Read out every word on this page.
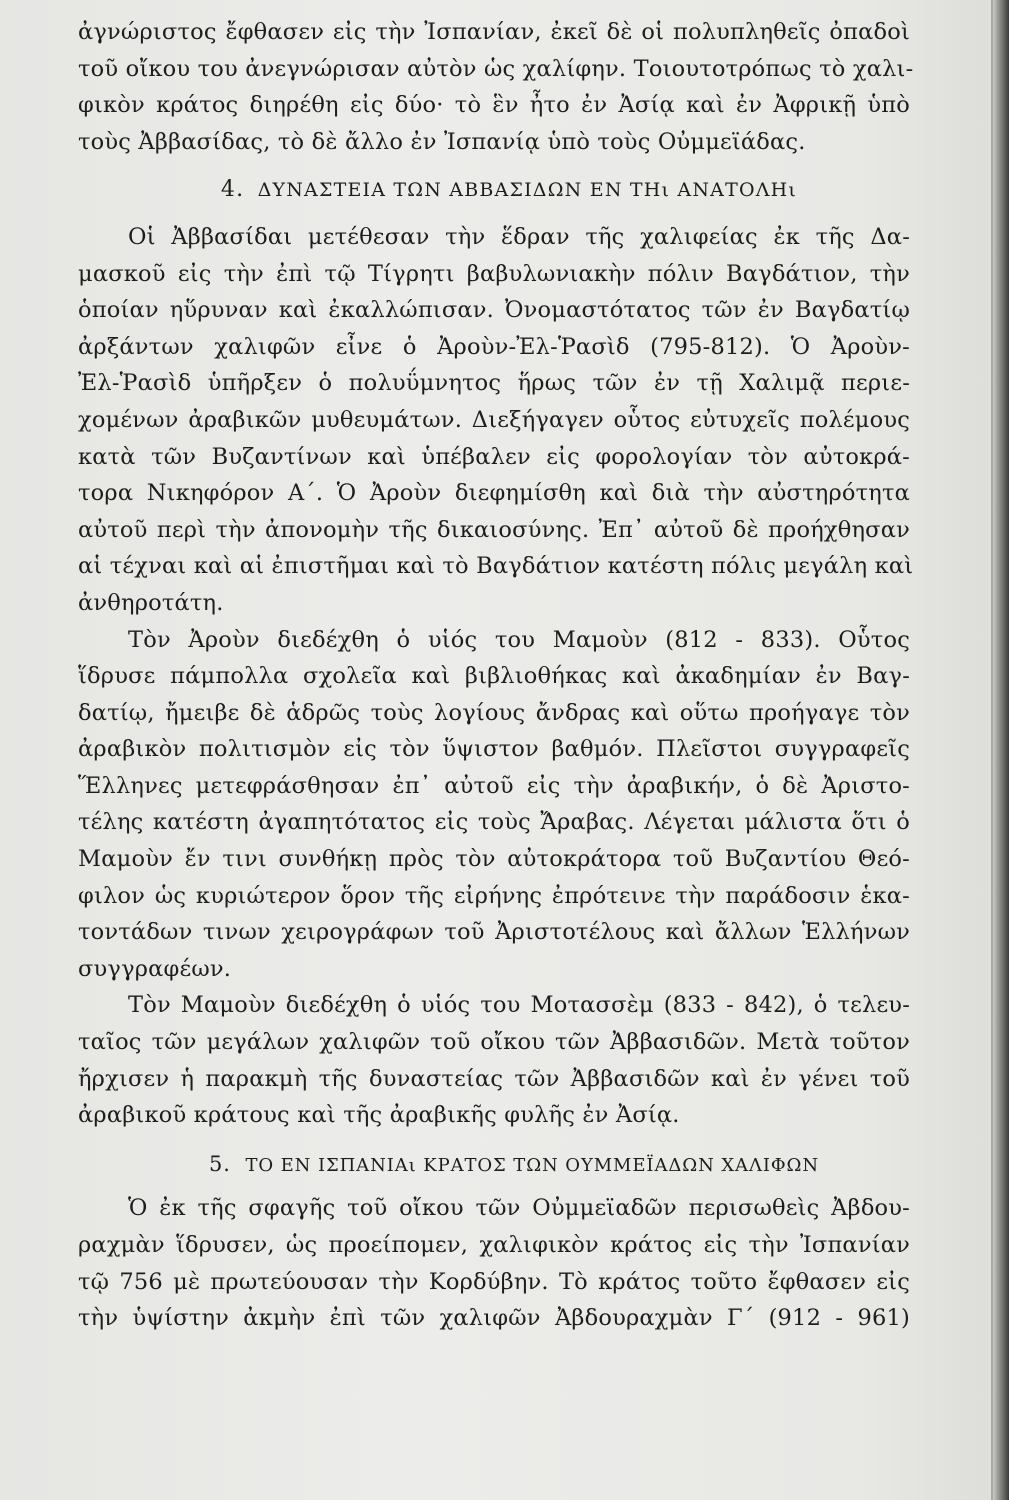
ἀγνώριστος ἔφθασεν εἰς τὴν Ἰσπανίαν, ἐκεῖ δὲ οἱ πολυπληθεῖς ὀπαδοὶ
τοῦ οἴκου του ἀνεγνώρισαν αὐτὸν ὡς χαλίφην. Τοιουτοτρόπως τὸ χαλι-
φικὸν κράτος διηρέθη εἰς δύο· τὸ ἓν ἦτο ἐν Ἀσίᾳ καὶ ἐν Ἀφρικῇ ὑπὸ
τοὺς Ἀββασίδας, τὸ δὲ ἄλλο ἐν Ἰσπανίᾳ ὑπὸ τοὺς Οὐμμεϊάδας.
4. ΔΥΝΑΣΤΕΙΑ ΤΩΝ ΑΒΒΑΣΙΔΩΝ ΕΝ ΤΗι ΑΝΑΤΟΛΗι
Οἱ Ἀββασίδαι μετέθεσαν τὴν ἕδραν τῆς χαλιφείας ἐκ τῆς Δα-
μασκοῦ εἰς τὴν ἐπὶ τῷ Τίγρητι βαβυλωνιακὴν πόλιν Βαγδάτιον, τὴν
ὁποίαν ηὕρυναν καὶ ἐκαλλώπισαν. Ὀνομαστότατος τῶν ἐν Βαγδατίῳ
ἀρξάντων χαλιφῶν εἶνε ὁ Ἀροὺν-Ἐλ-Ῥασὶδ (795-812). Ὁ Ἀροὺν-
Ἐλ-Ῥασὶδ ὑπῆρξεν ὁ πολυΰμνητος ἥρως τῶν ἐν τῇ Χαλιμᾷ περιε-
χομένων ἀραβικῶν μυθευμάτων. Διεξήγαγεν οὗτος εὐτυχεῖς πολέμους
κατὰ τῶν Βυζαντίνων καὶ ὑπέβαλεν εἰς φορολογίαν τὸν αὐτοκρά-
τορα Νικηφόρον Α΄. Ὁ Ἀροὺν διεφημίσθη καὶ διὰ τὴν αὐστηρότητα
αὐτοῦ περὶ τὴν ἀπονομὴν τῆς δικαιοσύνης. Ἐπ᾽ αὐτοῦ δὲ προήχθησαν
αἱ τέχναι καὶ αἱ ἐπιστῆμαι καὶ τὸ Βαγδάτιον κατέστη πόλις μεγάλη καὶ
ἀνθηροτάτη.
Τὸν Ἀροὺν διεδέχθη ὁ υἱός του Μαμοὺν (812 - 833). Οὗτος
ἵδρυσε πάμπολλα σχολεῖα καὶ βιβλιοθήκας καὶ ἀκαδημίαν ἐν Βαγ-
δατίῳ, ἤμειβε δὲ ἁδρῶς τοὺς λογίους ἄνδρας καὶ οὕτω προήγαγε τὸν
ἀραβικὸν πολιτισμὸν εἰς τὸν ὕψιστον βαθμόν. Πλεῖστοι συγγραφεῖς
Ἕλληνες μετεφράσθησαν ἐπ᾽ αὐτοῦ εἰς τὴν ἀραβικήν, ὁ δὲ Ἀριστο-
τέλης κατέστη ἀγαπητότατος εἰς τοὺς Ἄραβας. Λέγεται μάλιστα ὅτι ὁ
Μαμοὺν ἔν τινι συνθήκῃ πρὸς τὸν αὐτοκράτορα τοῦ Βυζαντίου Θεό-
φιλον ὡς κυριώτερον ὅρον τῆς εἰρήνης ἐπρότεινε τὴν παράδοσιν ἑκα-
τοντάδων τινων χειρογράφων τοῦ Ἀριστοτέλους καὶ ἄλλων Ἑλλήνων
συγγραφέων.
Τὸν Μαμοὺν διεδέχθη ὁ υἱός του Μοτασσὲμ (833 - 842), ὁ τελευ-
ταῖος τῶν μεγάλων χαλιφῶν τοῦ οἴκου τῶν Ἀββασιδῶν. Μετὰ τοῦτον
ἤρχισεν ἡ παρακμὴ τῆς δυναστείας τῶν Ἀββασιδῶν καὶ ἐν γένει τοῦ
ἀραβικοῦ κράτους καὶ τῆς ἀραβικῆς φυλῆς ἐν Ἀσίᾳ.
5. ΤΟ ΕΝ ΙΣΠΑΝΙΑι ΚΡΑΤΟΣ ΤΩΝ ΟΥΜΜΕΪΑΔΩΝ ΧΑΛΙΦΩΝ
Ὁ ἐκ τῆς σφαγῆς τοῦ οἴκου τῶν Οὐμμεϊαδῶν περισωθεὶς Ἀβδου-
ραχμὰν ἵδρυσεν, ὡς προείπομεν, χαλιφικὸν κράτος εἰς τὴν Ἰσπανίαν
τῷ 756 μὲ πρωτεύουσαν τὴν Κορδύβην. Τὸ κράτος τοῦτο ἔφθασεν εἰς
τὴν ὑψίστην ἀκμὴν ἐπὶ τῶν χαλιφῶν Ἀβδουραχμὰν Γ΄ (912 - 961)
